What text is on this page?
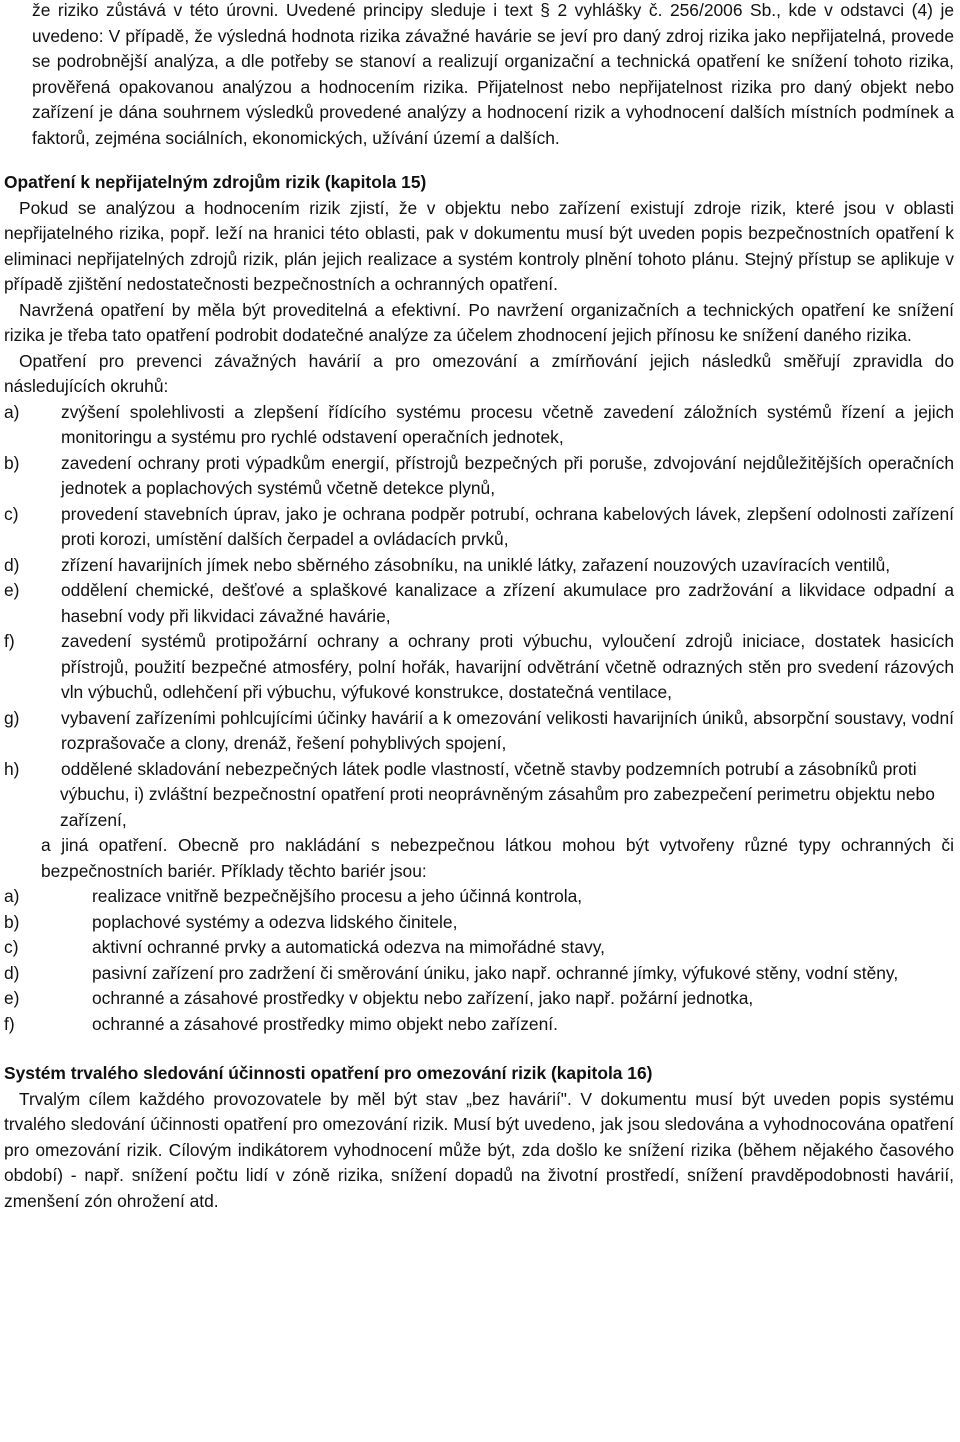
že riziko zůstává v této úrovni. Uvedené principy sleduje i text § 2 vyhlášky č. 256/2006 Sb., kde v odstavci (4) je uvedeno: V případě, že výsledná hodnota rizika závažné havárie se jeví pro daný zdroj rizika jako nepřijatelná, provede se podrobnější analýza, a dle potřeby se stanoví a realizují organizační a technická opatření ke snížení tohoto rizika, prověřená opakovanou analýzou a hodnocením rizika. Přijatelnost nebo nepřijatelnost rizika pro daný objekt nebo zařízení je dána souhrnem výsledků provedené analýzy a hodnocení rizik a vyhodnocení dalších místních podmínek a faktorů, zejména sociálních, ekonomických, užívání území a dalších.

Opatření k nepřijatelným zdrojům rizik (kapitola 15)

Pokud se analýzou a hodnocením rizik zjistí, že v objektu nebo zařízení existují zdroje rizik, které jsou v oblasti nepřijatelného rizika, popř. leží na hranici této oblasti, pak v dokumentu musí být uveden popis bezpečnostních opatření k eliminaci nepřijatelných zdrojů rizik, plán jejich realizace a systém kontroly plnění tohoto plánu. Stejný přístup se aplikuje v případě zjištění nedostatečnosti bezpečnostních a ochranných opatření.

Navržená opatření by měla být proveditelná a efektivní. Po navržení organizačních a technických opatření ke snížení rizika je třeba tato opatření podrobit dodatečné analýze za účelem zhodnocení jejich přínosu ke snížení daného rizika.

Opatření pro prevenci závažných havárií a pro omezování a zmírňování jejich následků směřují zpravidla do následujících okruhů:

a)	zvýšení spolehlivosti a zlepšení řídícího systému procesu včetně zavedení záložních systémů řízení a jejich monitoringu a systému pro rychlé odstavení operačních jednotek,
b)	zavedení ochrany proti výpadkům energií, přístrojů bezpečných při poruše, zdvojování nejdůležitějších operačních jednotek a poplachových systémů včetně detekce plynů,
c)	provedení stavebních úprav, jako je ochrana podpěr potrubí, ochrana kabelových lávek, zlepšení odolnosti zařízení proti korozi, umístění dalších čerpadel a ovládacích prvků,
d)	zřízení havarijních jímek nebo sběrného zásobníku, na uniklé látky, zařazení nouzových uzavíracích ventilů,
e)	oddělení chemické, dešťové a splaškové kanalizace a zřízení akumulace pro zadržování a likvidace odpadní a hasební vody při likvidaci závažné havárie,
f)	zavedení systémů protipožární ochrany a ochrany proti výbuchu, vyloučení zdrojů iniciace, dostatek hasicích přístrojů, použití bezpečné atmosféry, polní hořák, havarijní odvětrání včetně odrazných stěn pro svedení rázových vln výbuchů, odlehčení při výbuchu, výfukové konstrukce, dostatečná ventilace,
g)	vybavení zařízeními pohlcujícími účinky havárií a k omezování velikosti havarijních úniků, absorpční soustavy, vodní rozprašovače a clony, drenáž, řešení pohyblivých spojení,
h)	oddělené skladování nebezpečných látek podle vlastností, včetně stavby podzemních potrubí a zásobníků proti

výbuchu, i) zvláštní bezpečnostní opatření proti neoprávněným zásahům pro zabezpečení perimetru objektu nebo zařízení,

a jiná opatření. Obecně pro nakládání s nebezpečnou látkou mohou být vytvořeny různé typy ochranných či bezpečnostních bariér. Příklady těchto bariér jsou:

a)	realizace vnitřně bezpečnějšího procesu a jeho účinná kontrola,
b)	poplachové systémy a odezva lidského činitele,
c)	aktivní ochranné prvky a automatická odezva na mimořádné stavy,

d)	pasivní zařízení pro zadržení či směrování úniku, jako např. ochranné jímky, výfukové stěny, vodní stěny,

e)	ochranné a zásahové prostředky v objektu nebo zařízení, jako např. požární jednotka,
f)	ochranné a zásahové prostředky mimo objekt nebo zařízení.

Systém trvalého sledování účinnosti opatření pro omezování rizik (kapitola 16)

Trvalým cílem každého provozovatele by měl být stav „bez havárií". V dokumentu musí být uveden popis systému trvalého sledování účinnosti opatření pro omezování rizik. Musí být uvedeno, jak jsou sledována a vyhodnocována opatření pro omezování rizik. Cílovým indikátorem vyhodnocení může být, zda došlo ke snížení rizika (během nějakého časového období) - např. snížení počtu lidí v zóně rizika, snížení dopadů na životní prostředí, snížení pravděpodobnosti havárií, zmenšení zón ohrožení atd.
